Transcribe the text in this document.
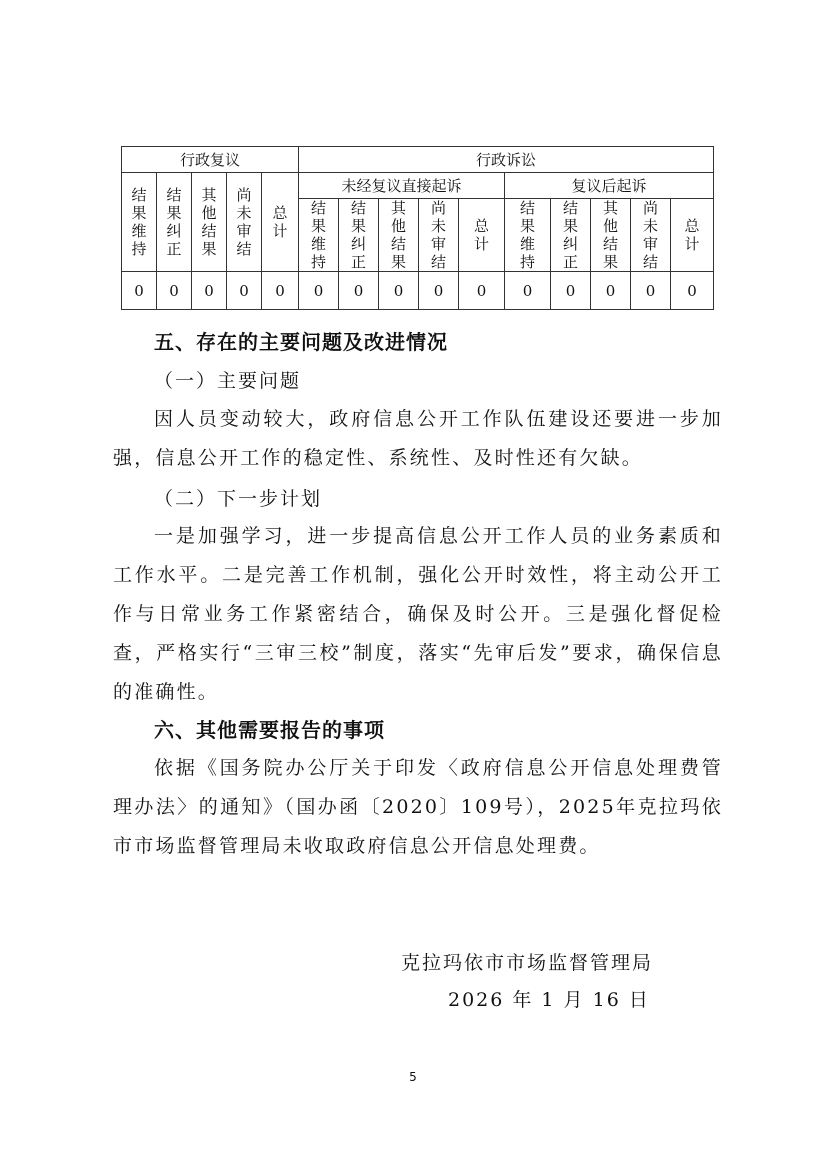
行政复议					行政诉讼									
结果维持	结果纠正	其他结果	尚未审结	总计	未经复议直接起诉					复议后起诉				
					结果维持	结果纠正	其他结果	尚未审结	总计	结果维持	结果纠正	其他结果	尚未审结	总计
0	0	0	0	0	0	0	0	0	0	0	0	0	0	0
五、存在的主要问题及改进情况
（一）主要问题

因人员变动较大，政府信息公开工作队伍建设还要进一步加强，信息公开工作的稳定性、系统性、及时性还有欠缺。

（二）下一步计划

一是加强学习，进一步提高信息公开工作人员的业务素质和工作水平。二是完善工作机制，强化公开时效性，将主动公开工作与日常业务工作紧密结合，确保及时公开。三是强化督促检查，严格实行“三审三校”制度，落实“先审后发”要求，确保信息的准确性。

六、其他需要报告的事项

依据《国务院办公厅关于印发〈政府信息公开信息处理费管理办法〉的通知》（国办函〔2020〕109号），2025年克拉玛依市市场监督管理局未收取政府信息公开信息处理费。

克拉玛依市市场监督管理局
2026 年 1 月 16 日
5
